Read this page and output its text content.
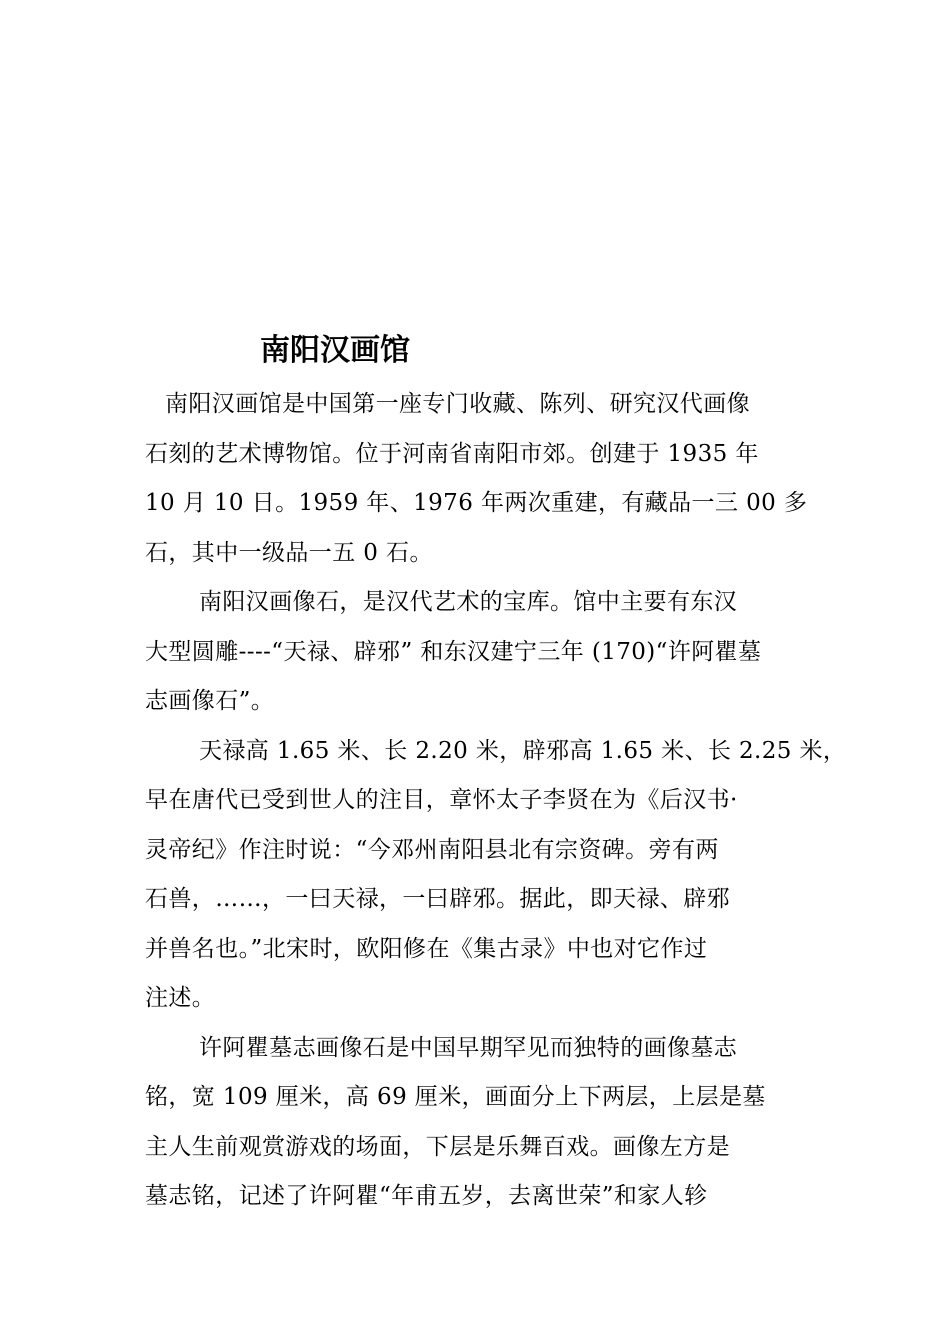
南阳汉画馆
南阳汉画馆是中国第一座专门收藏、陈列、研究汉代画像
石刻的艺术博物馆。位于河南省南阳市郊。创建于 1935 年
10 月 10 日。1959 年、1976 年两次重建，有藏品一三 00 多
石，其中一级品一五 0 石。
南阳汉画像石，是汉代艺术的宝库。馆中主要有东汉
大型圆雕----“天禄、辟邪” 和东汉建宁三年 (170)“许阿瞿墓
志画像石”。
天禄高 1.65 米、长 2.20 米，辟邪高 1.65 米、长 2.25 米，
早在唐代已受到世人的注目，章怀太子李贤在为《后汉书·
灵帝纪》作注时说：“今邓州南阳县北有宗资碑。旁有两
石兽，……，一曰天禄，一曰辟邪。据此，即天禄、辟邪
并兽名也。”北宋时，欧阳修在《集古录》中也对它作过
注述。
许阿瞿墓志画像石是中国早期罕见而独特的画像墓志
铭，宽 109 厘米，高 69 厘米，画面分上下两层，上层是墓
主人生前观赏游戏的场面，下层是乐舞百戏。画像左方是
墓志铭，记述了许阿瞿“年甫五岁，去离世荣”和家人轸
